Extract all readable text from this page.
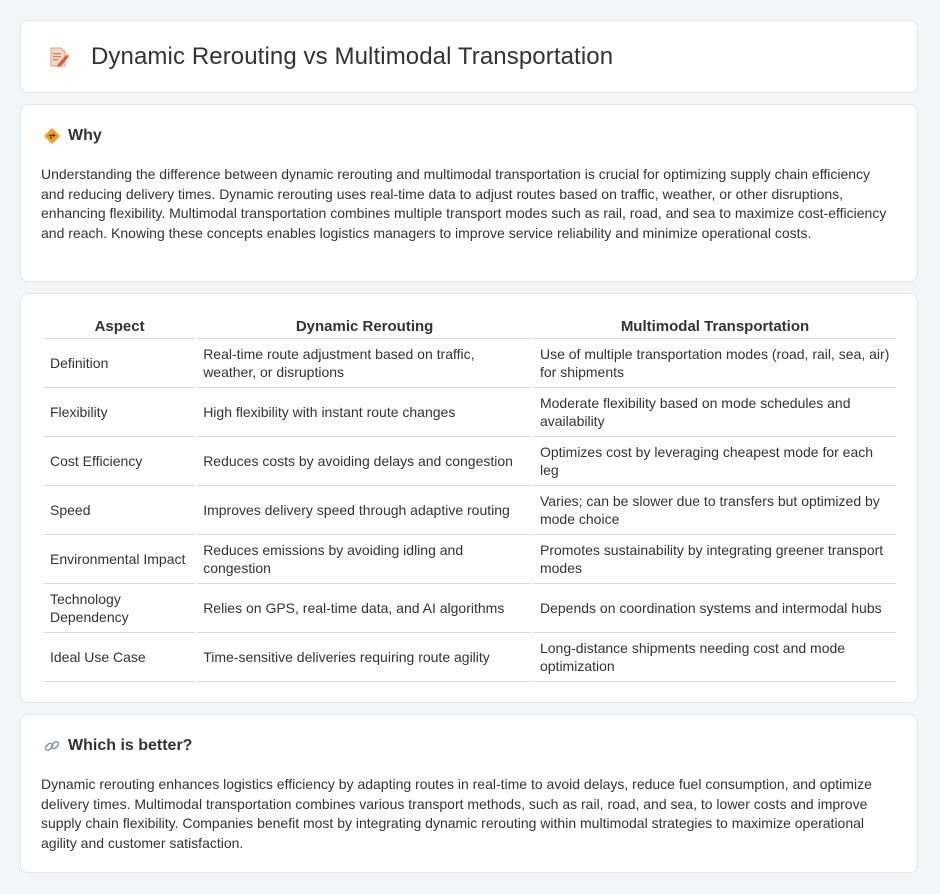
Dynamic Rerouting vs Multimodal Transportation
Why

Understanding the difference between dynamic rerouting and multimodal transportation is crucial for optimizing supply chain efficiency and reducing delivery times. Dynamic rerouting uses real-time data to adjust routes based on traffic, weather, or other disruptions, enhancing flexibility. Multimodal transportation combines multiple transport modes such as rail, road, and sea to maximize cost-efficiency and reach. Knowing these concepts enables logistics managers to improve service reliability and minimize operational costs.

Aspect	Dynamic Rerouting	Multimodal Transportation
Definition	Real-time route adjustment based on traffic, weather, or disruptions	Use of multiple transportation modes (road, rail, sea, air) for shipments
Flexibility	High flexibility with instant route changes	Moderate flexibility based on mode schedules and availability
Cost Efficiency	Reduces costs by avoiding delays and congestion	Optimizes cost by leveraging cheapest mode for each leg
Speed	Improves delivery speed through adaptive routing	Varies; can be slower due to transfers but optimized by mode choice
Environmental Impact	Reduces emissions by avoiding idling and congestion	Promotes sustainability by integrating greener transport modes
Technology Dependency	Relies on GPS, real-time data, and AI algorithms	Depends on coordination systems and intermodal hubs
Ideal Use Case	Time-sensitive deliveries requiring route agility	Long-distance shipments needing cost and mode optimization
Which is better?

Dynamic rerouting enhances logistics efficiency by adapting routes in real-time to avoid delays, reduce fuel consumption, and optimize delivery times. Multimodal transportation combines various transport methods, such as rail, road, and sea, to lower costs and improve supply chain flexibility. Companies benefit most by integrating dynamic rerouting within multimodal strategies to maximize operational agility and customer satisfaction.
